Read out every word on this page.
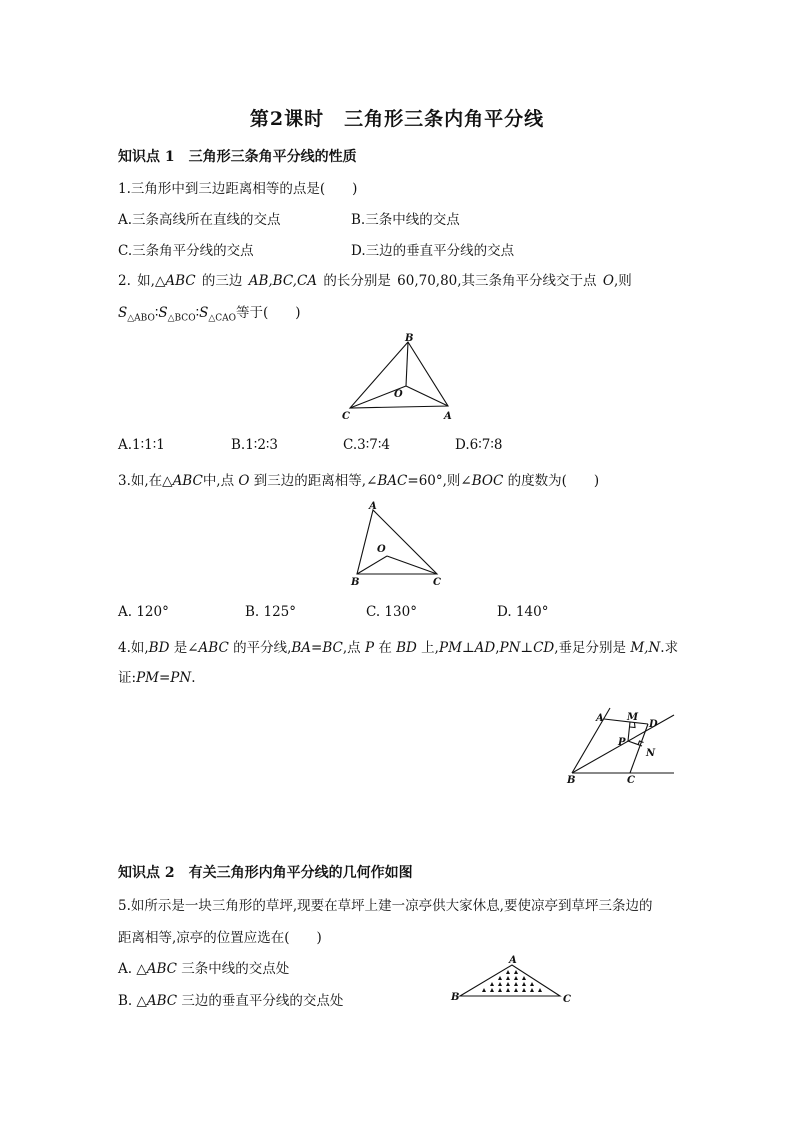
第2课时　三角形三条内角平分线
知识点 1　三角形三条角平分线的性质
1.三角形中到三边距离相等的点是(　　)
A.三条高线所在直线的交点	B.三条中线的交点
C.三条角平分线的交点	D.三边的垂直平分线的交点
2. 如,△ABC 的三边 AB,BC,CA 的长分别是 60,70,80,其三条角平分线交于点 O,则
$S_{\triangle ABO}∶S_{\triangle BCO}∶S_{\triangle CAO}$等于(　　)
B
O
C	A
A.1∶1∶1	B.1∶2∶3	C.3∶7∶4	D.6∶7∶8
3.如,在△ABC中,点 O 到三边的距离相等,∠BAC=60°,则∠BOC 的度数为(　　)
A
O
B	C
A. 120°	B. 125°	C. 130°	D. 140°
4.如,BD 是∠ABC 的平分线,BA=BC,点 P 在 BD 上,PM⊥AD,PN⊥CD,垂足分别是 M,N.求
证:PM=PN.
A M
D
P
N
B	C
知识点 2　有关三角形内角平分线的几何作如图
5.如所示是一块三角形的草坪,现要在草坪上建一凉亭供大家休息,要使凉亭到草坪三条边的
距离相等,凉亭的位置应选在(　　)
A. △ABC 三条中线的交点处
B. △ABC 三边的垂直平分线的交点处
A
B	C
